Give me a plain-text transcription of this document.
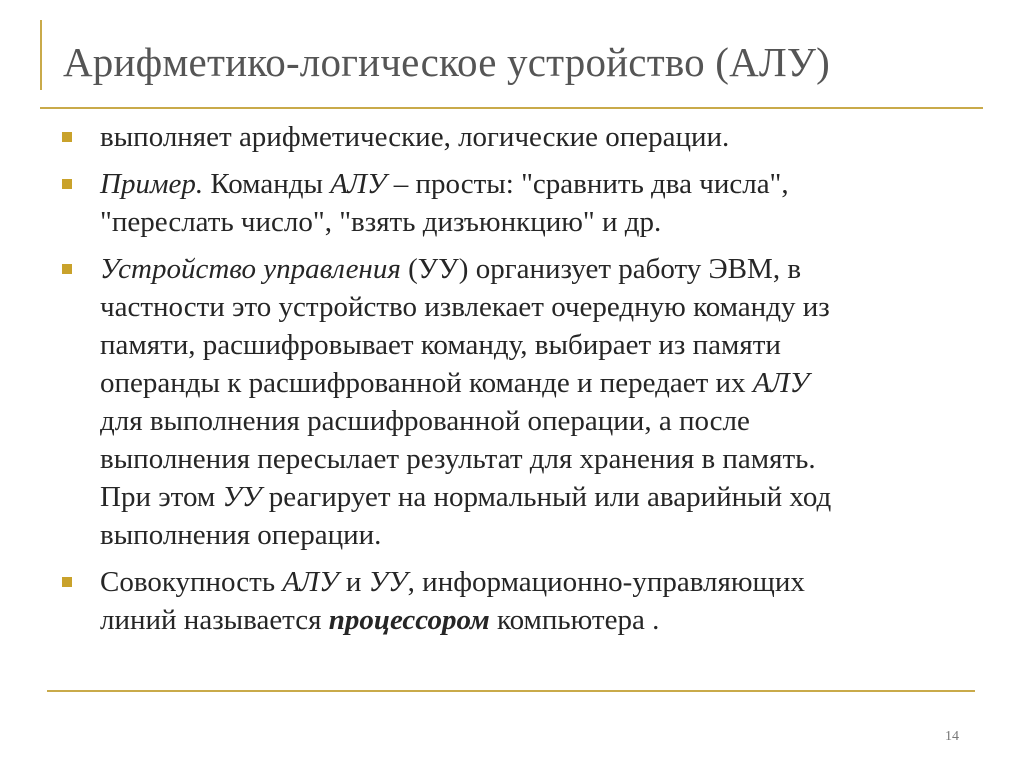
Арифметико-логическое устройство (АЛУ)
выполняет арифметические, логические операции.
Пример. Команды АЛУ – просты: "сравнить два числа",
"переслать число", "взять дизъюнкцию" и др.
Устройство управления (УУ) организует работу ЭВМ, в
частности это устройство извлекает очередную команду из
памяти, расшифровывает команду, выбирает из памяти
операнды к расшифрованной команде и передает их АЛУ
для выполнения расшифрованной операции, а после
выполнения пересылает результат для хранения в память.
При этом УУ реагирует на нормальный или аварийный ход
выполнения операции.
Совокупность АЛУ и УУ, информационно-управляющих
линий называется процессором компьютера .
14
